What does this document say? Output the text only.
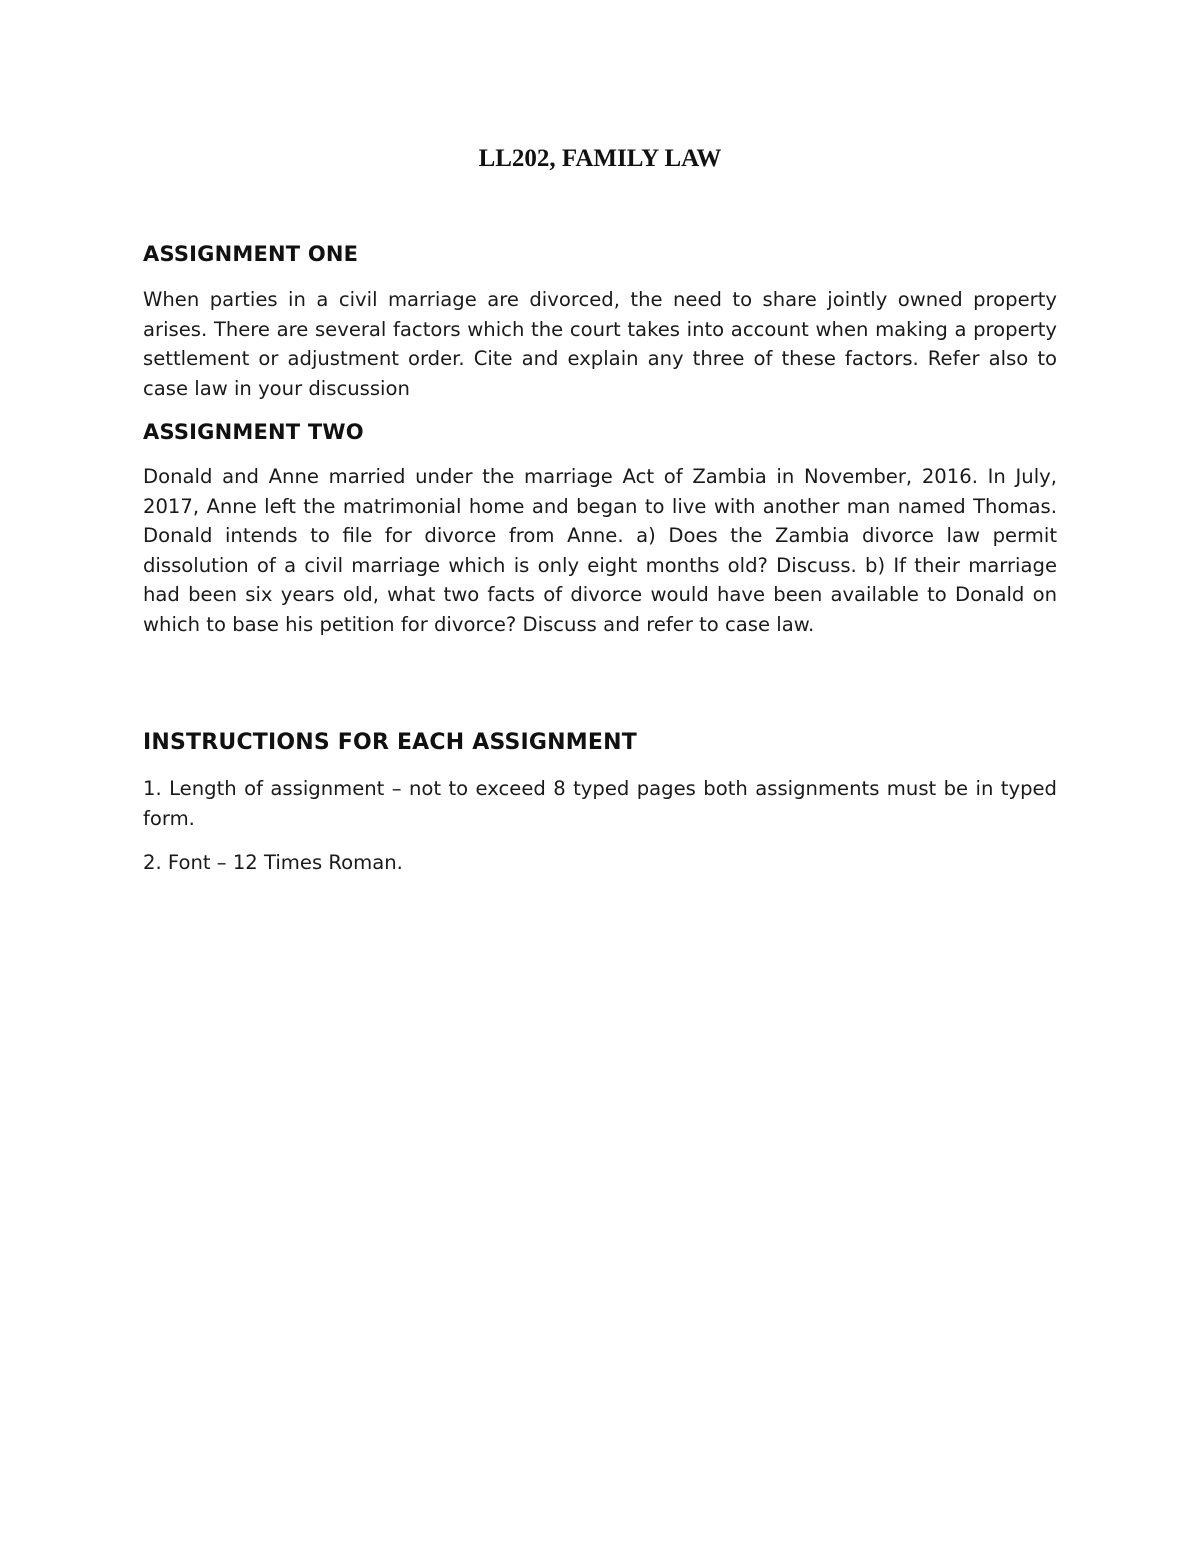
LL202, FAMILY LAW
ASSIGNMENT ONE
When parties in a civil marriage are divorced, the need to share jointly owned property arises. There are several factors which the court takes into account when making a property settlement or adjustment order. Cite and explain any three of these factors. Refer also to case law in your discussion
ASSIGNMENT TWO
Donald and Anne married under the marriage Act of Zambia in November, 2016. In July, 2017, Anne left the matrimonial home and began to live with another man named Thomas. Donald intends to file for divorce from Anne. a) Does the Zambia divorce law permit dissolution of a civil marriage which is only eight months old? Discuss. b) If their marriage had been six years old, what two facts of divorce would have been available to Donald on which to base his petition for divorce? Discuss and refer to case law.
INSTRUCTIONS FOR EACH ASSIGNMENT
1. Length of assignment – not to exceed 8 typed pages both assignments must be in typed form.
2. Font – 12 Times Roman.
